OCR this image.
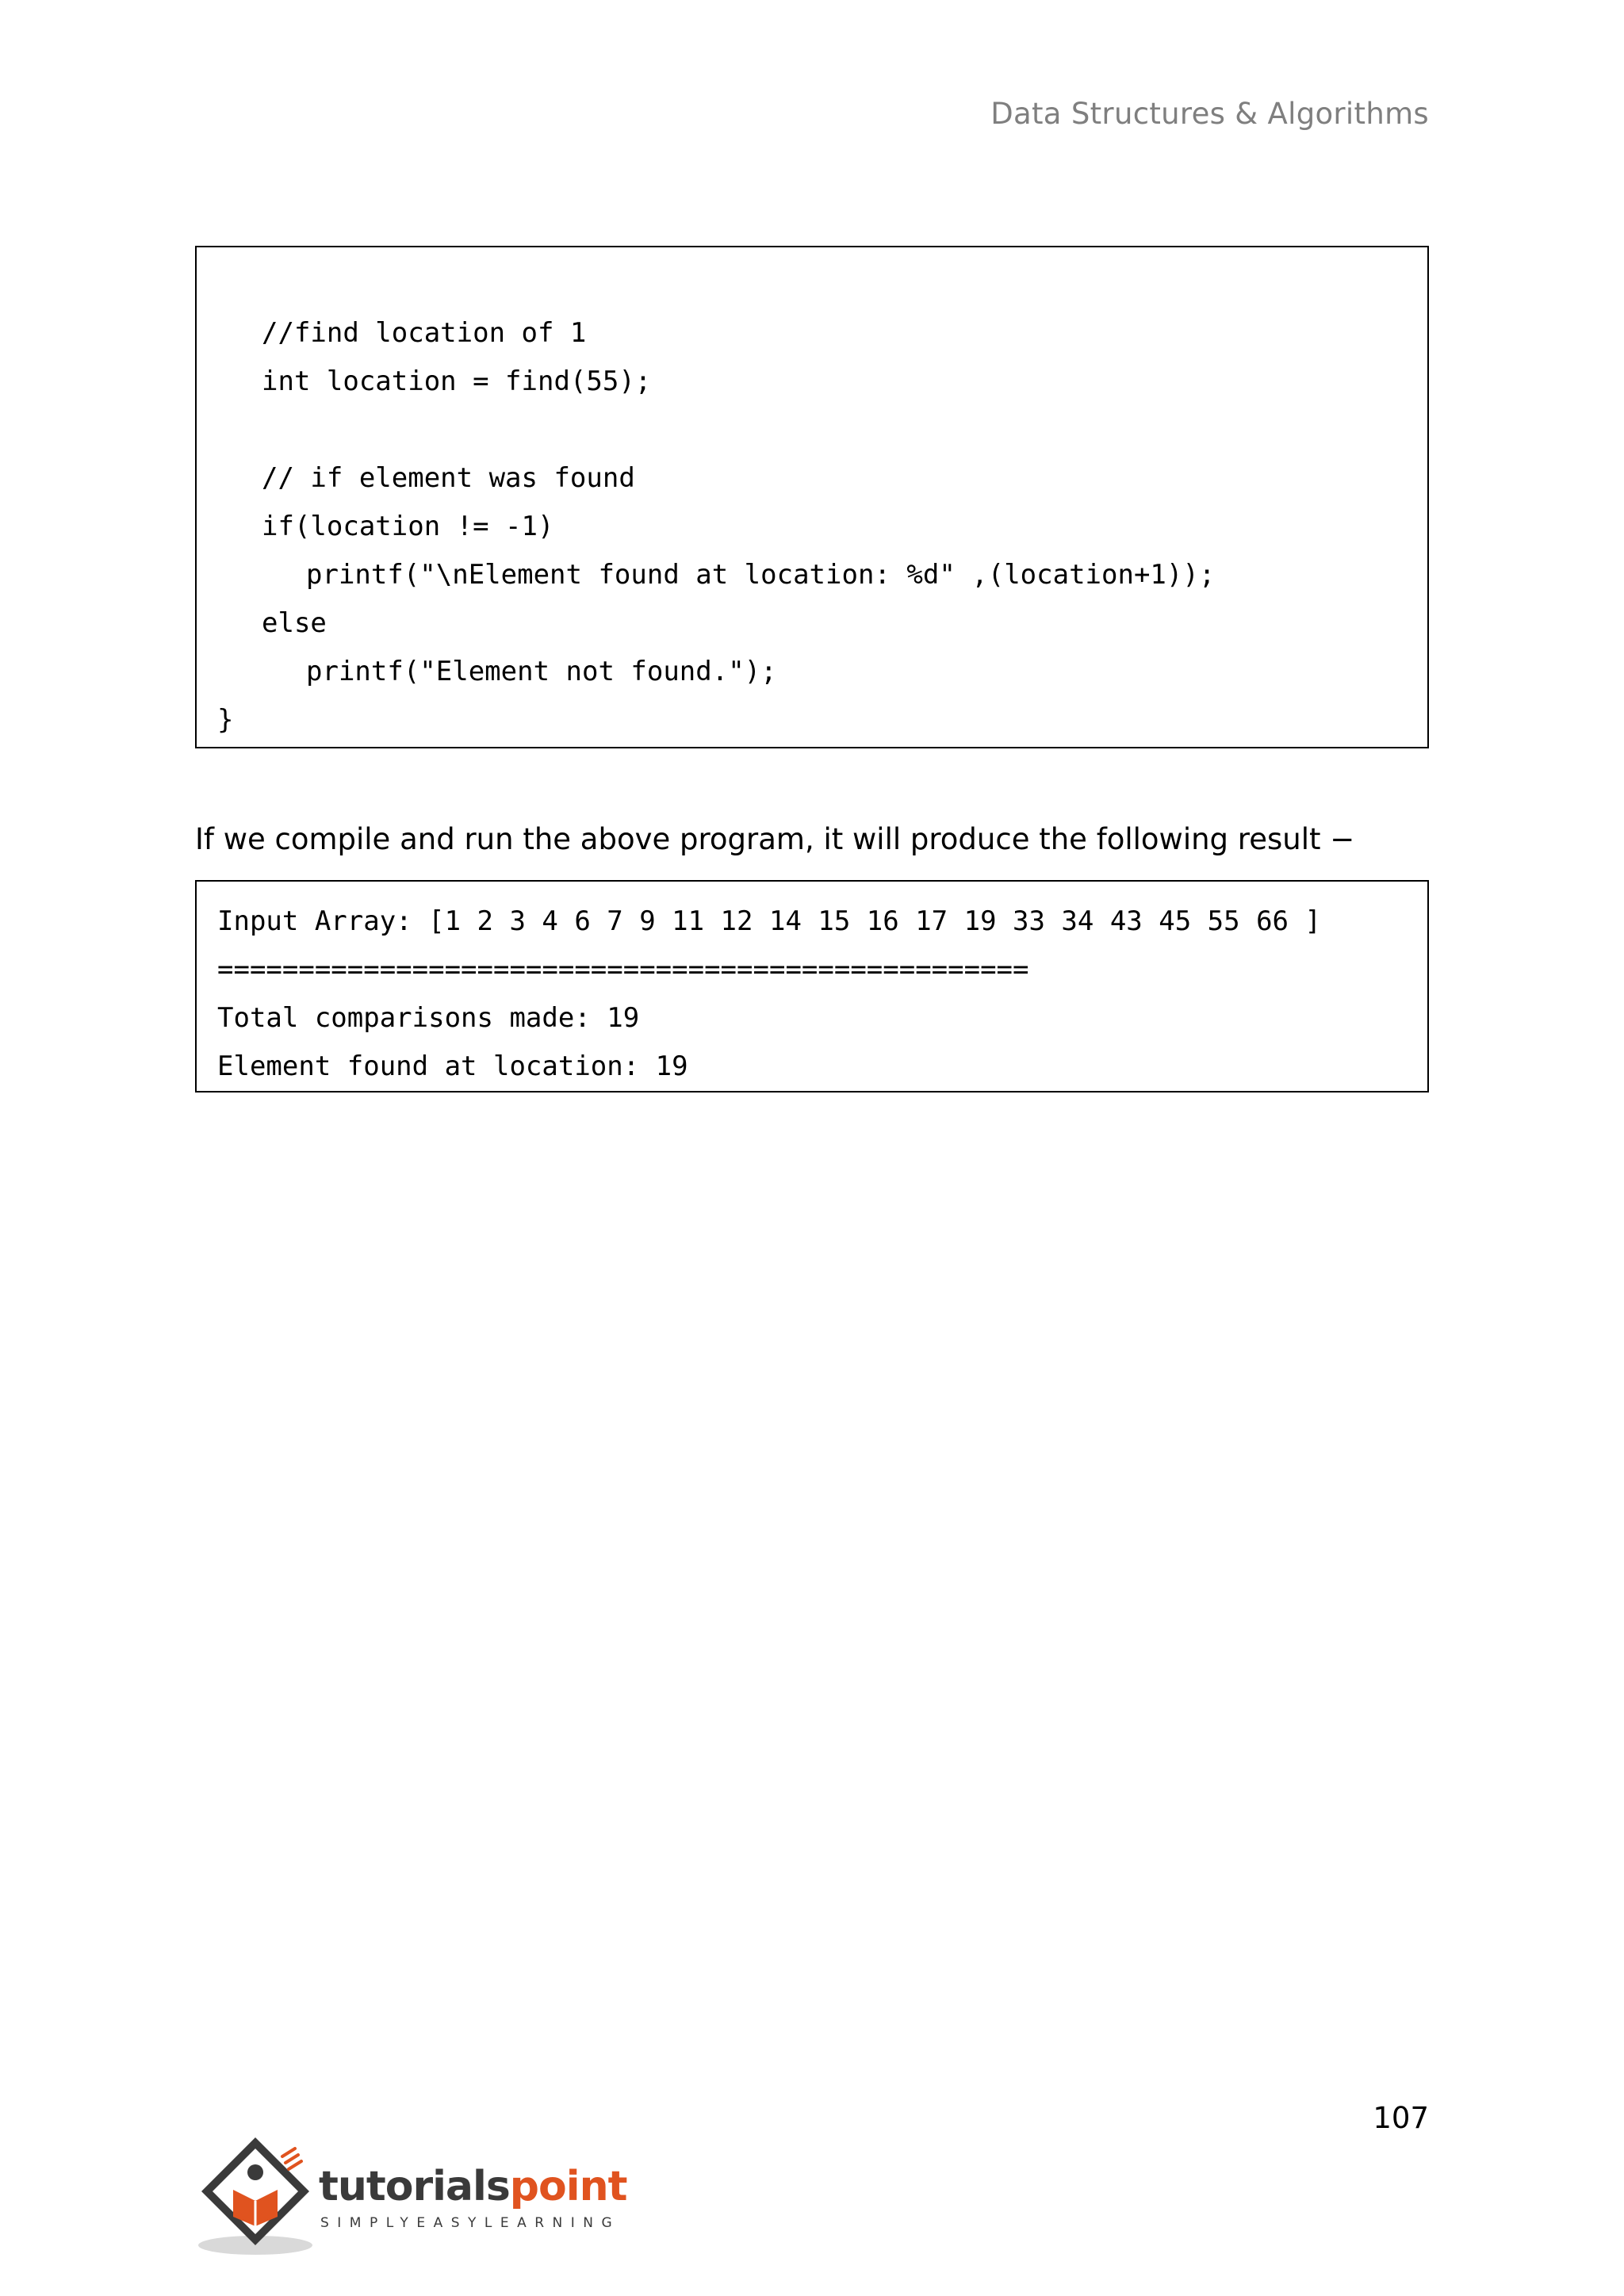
Data Structures & Algorithms
//find location of 1
int location = find(55);
// if element was found
if(location != -1)
printf("\nElement found at location: %d" ,(location+1));
else
printf("Element not found.");
}
If we compile and run the above program, it will produce the following result −
Input Array: [1 2 3 4 6 7 9 11 12 14 15 16 17 19 33 34 43 45 55 66 ]
==================================================
Total comparisons made: 19
Element found at location: 19
107
tutorialspoint
SIMPLYEASYLEARNING
